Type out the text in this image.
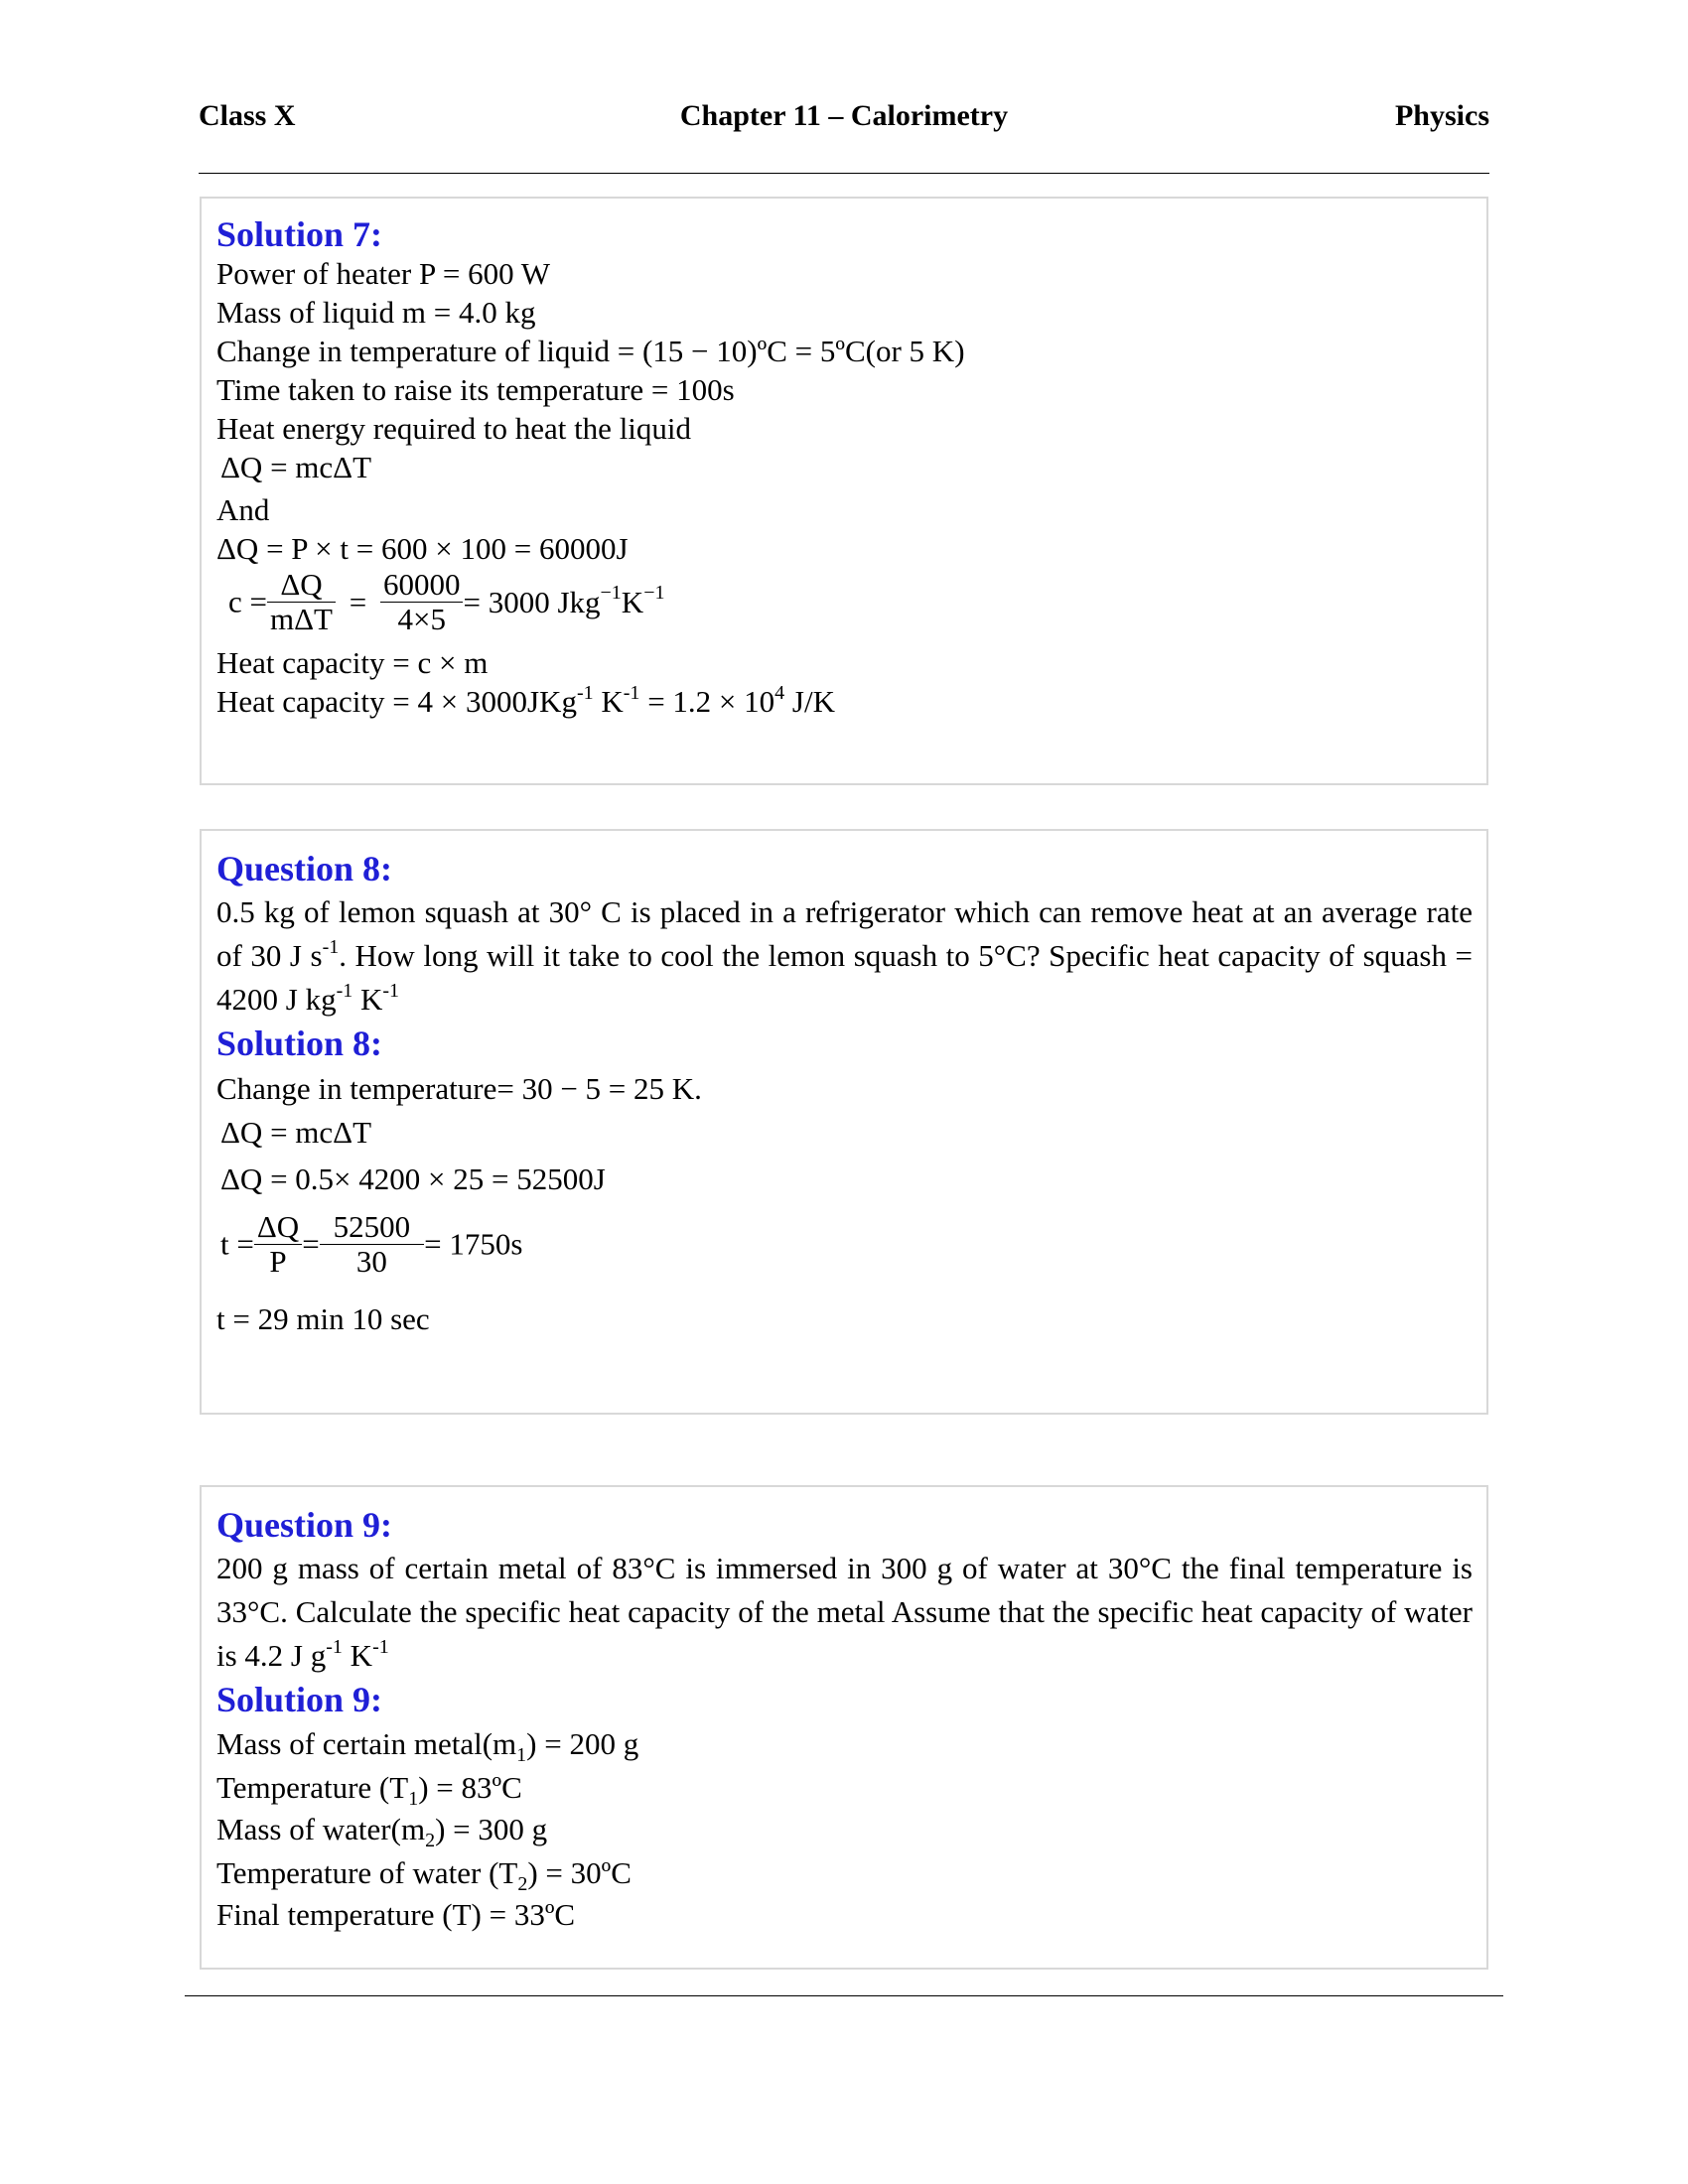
Class X	Chapter 11 – Calorimetry	Physics
Solution 7:
Power of heater P = 600 W
Mass of liquid m = 4.0 kg
Change in temperature of liquid = (15 − 10)ºC = 5ºC(or 5 K)
Time taken to raise its temperature = 100s
Heat energy required to heat the liquid
ΔQ = mcΔT
And
ΔQ = P × t = 600 × 100 = 60000J
$c = \frac{\Delta Q}{\text{mΔT}} = \frac{60000}{4\times 5} = 3000$ $Jkg^{-1}K^{-1}$
Heat capacity = c × m
Heat capacity = 4 × 3000JKg$^{-1}$ $K^{-1} = 1.2 \times 10^4$ J/K
Question 8:
0.5 kg of lemon squash at 30° C is placed in a refrigerator which can remove heat at an average rate of 30 J $s^{-1}$. How long will it take to cool the lemon squash to 5°C? Specific heat capacity of squash = 4200 J $kg^{-1}$ $K^{-1}$
Solution 8:
Change in temperature= 30 − 5 = 25 K.
ΔQ = mcΔT
ΔQ = 0.5× 4200 × 25 = 52500J
$t = \frac{\Delta Q}{P} = \frac{52500}{30} = 1750s$
t = 29 min 10 sec
Question 9:
200 g mass of certain metal of 83°C is immersed in 300 g of water at 30°C the final temperature is 33°C. Calculate the specific heat capacity of the metal Assume that the specific heat capacity of water is 4.2 J $g^{-1}$ $K^{-1}$
Solution 9:
Mass of certain $metal(m_1) = 200$ g
Temperature $(T_1)$ = 83ºC
Mass of $water(m_2) = 300$ g
Temperature of water $(T_2)$ = 30ºC
Final temperature (T) = 33ºC
